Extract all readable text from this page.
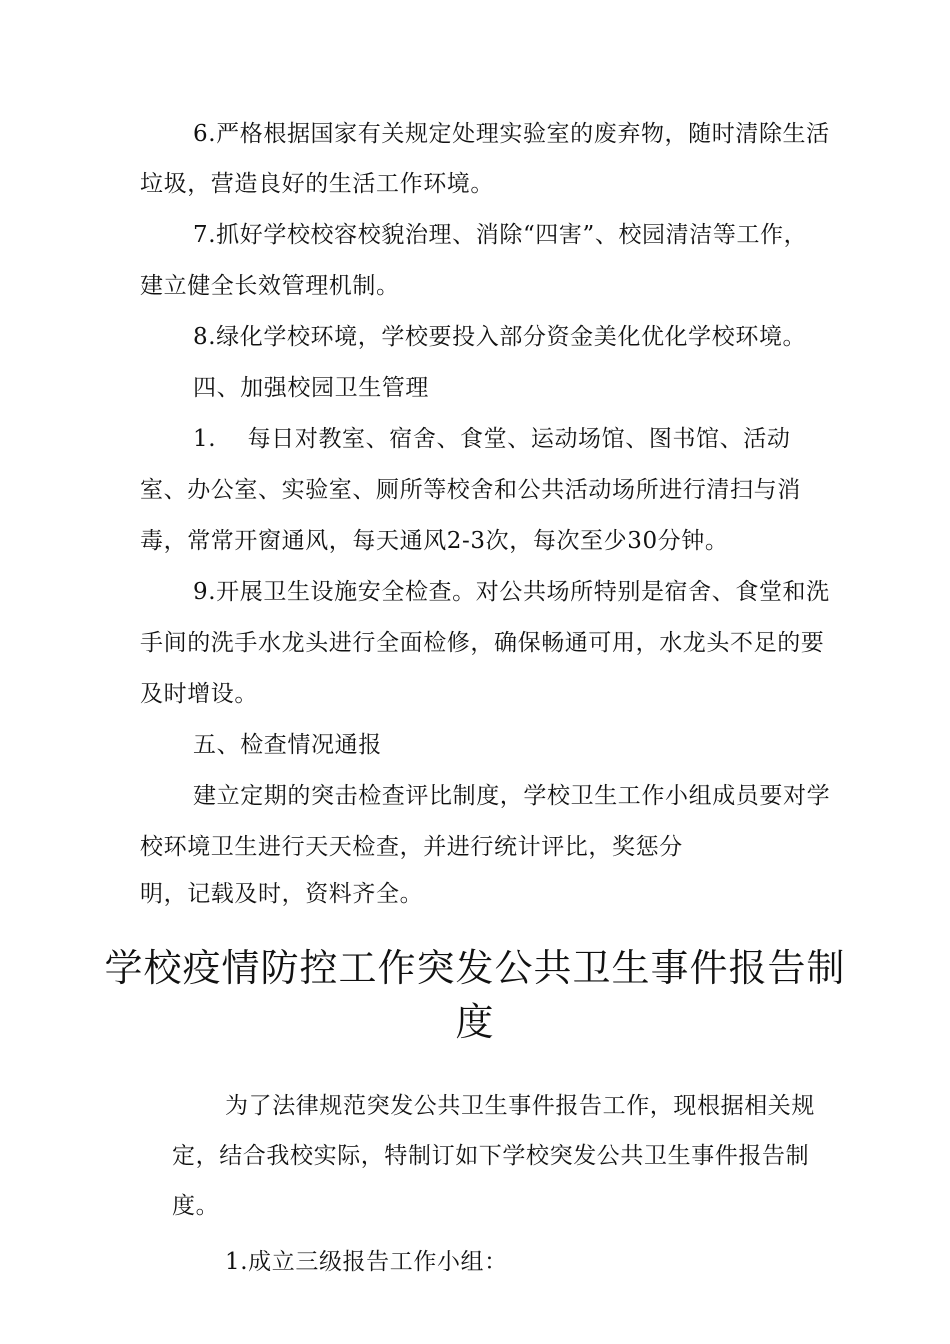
6.严格根据国家有关规定处理实验室的废弃物，随时清除生活
垃圾，营造良好的生活工作环境。
7.抓好学校校容校貌治理、消除“四害”、校园清洁等工作，
建立健全长效管理机制。
8.绿化学校环境，学校要投入部分资金美化优化学校环境。
四、加强校园卫生管理
1.　 每日对教室、宿舍、食堂、运动场馆、图书馆、活动
室、办公室、实验室、厕所等校舍和公共活动场所进行清扫与消
毒，常常开窗通风，每天通风2-3次，每次至少30分钟。
9.开展卫生设施安全检查。对公共场所特别是宿舍、食堂和洗
手间的洗手水龙头进行全面检修，确保畅通可用，水龙头不足的要
及时增设。
五、检查情况通报
建立定期的突击检查评比制度，学校卫生工作小组成员要对学
校环境卫生进行天天检查，并进行统计评比，奖惩分
明，记载及时，资料齐全。
学校疫情防控工作突发公共卫生事件报告制
度
为了法律规范突发公共卫生事件报告工作，现根据相关规
定，结合我校实际，特制订如下学校突发公共卫生事件报告制
度。
1.成立三级报告工作小组：
